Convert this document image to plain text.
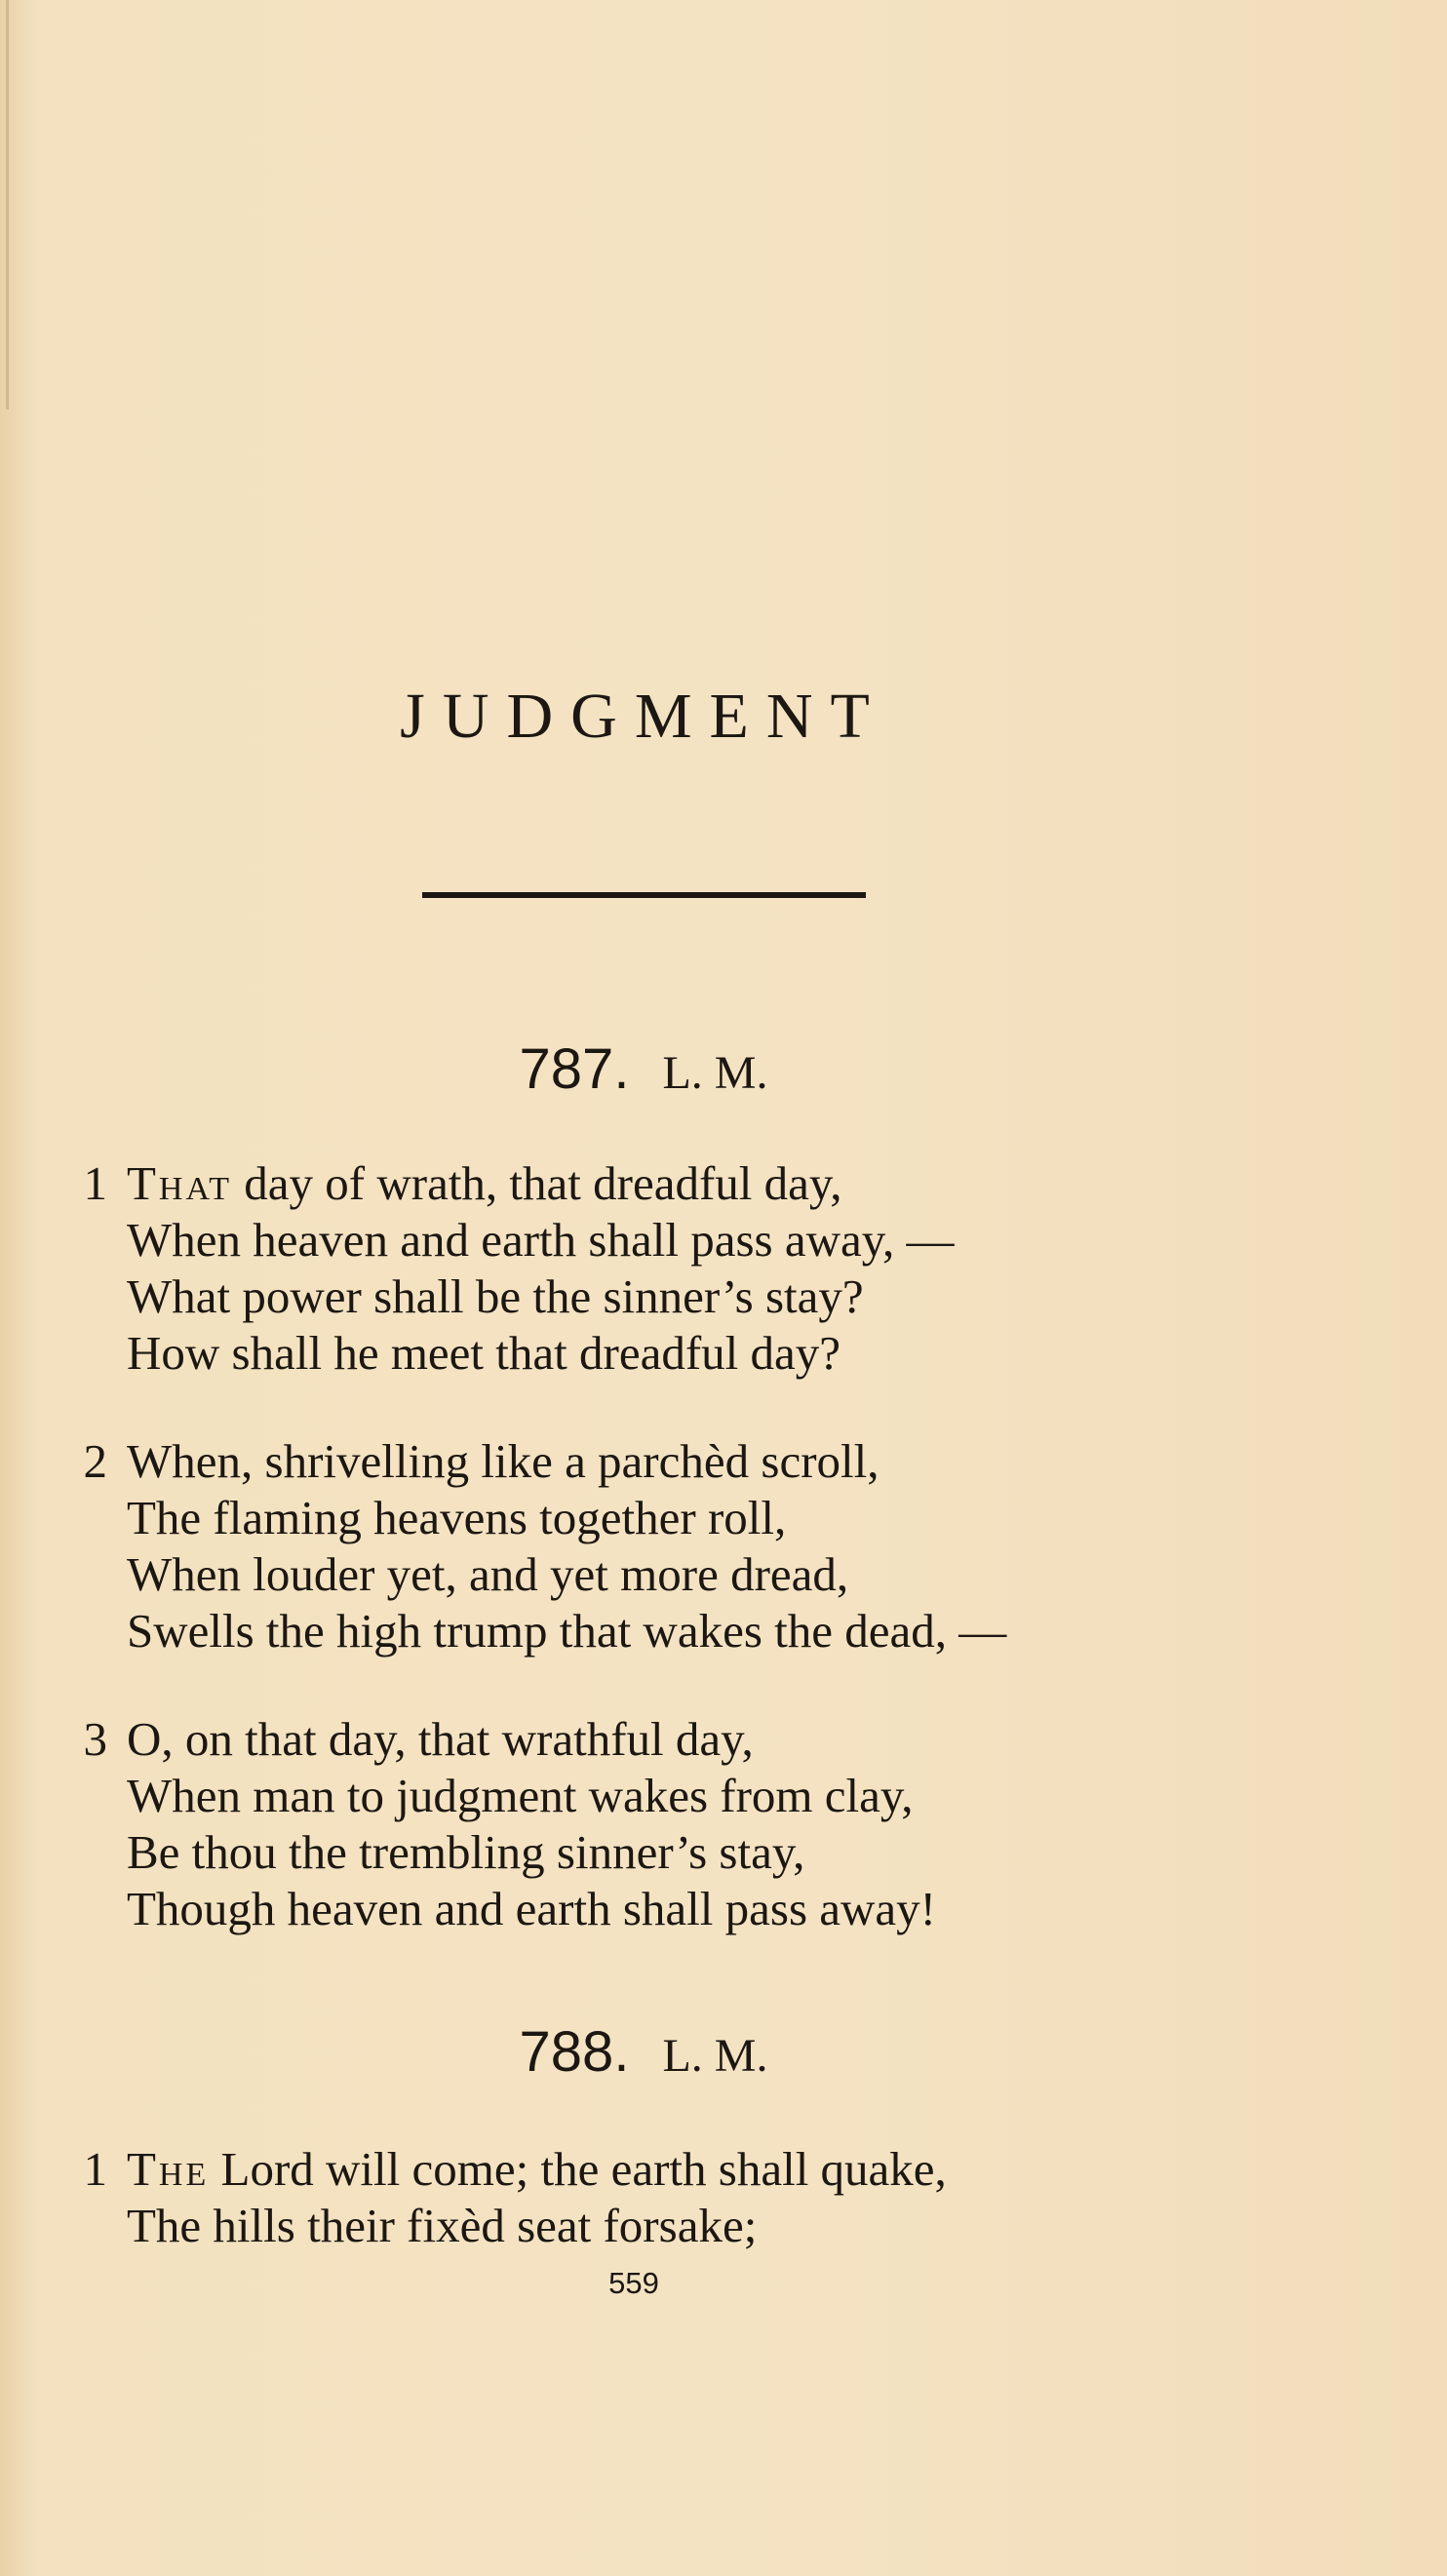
JUDGMENT
787. L. M.
1 That day of wrath, that dreadful day,
When heaven and earth shall pass away, —
What power shall be the sinner’s stay?
How shall he meet that dreadful day?
2 When, shrivelling like a parchèd scroll,
The flaming heavens together roll,
When louder yet, and yet more dread,
Swells the high trump that wakes the dead, —
3 O, on that day, that wrathful day,
When man to judgment wakes from clay,
Be thou the trembling sinner’s stay,
Though heaven and earth shall pass away!
788. L. M.
1 The Lord will come; the earth shall quake,
The hills their fixèd seat forsake;
559
